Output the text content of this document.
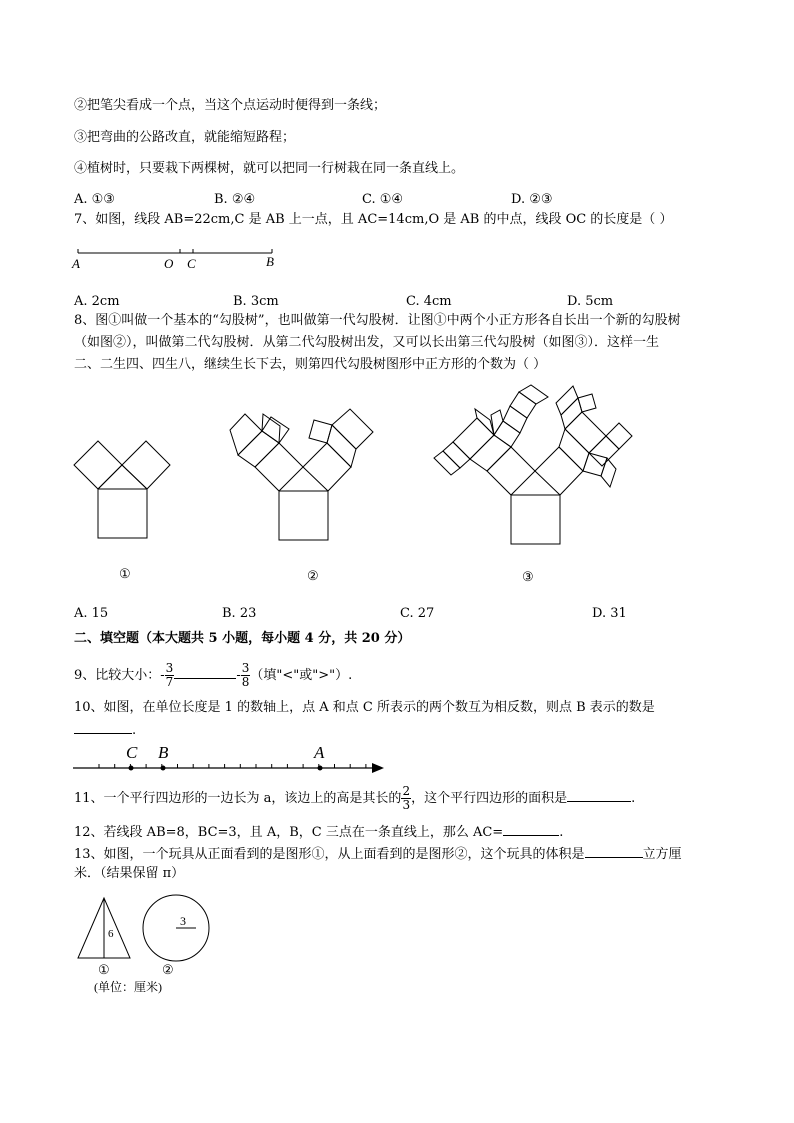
②把笔尖看成一个点，当这个点运动时便得到一条线；
③把弯曲的公路改直，就能缩短路程；
④植树时，只要栽下两棵树，就可以把同一行树栽在同一条直线上。
A. ①③	B. ②④	C. ①④	D. ②③
7、如图，线段 AB=22cm,C 是 AB 上一点，且 AC=14cm,O 是 AB 的中点，线段 OC 的长度是（ ）
A	O C	B
A. 2cm	B. 3cm	C. 4cm	D. 5cm
8、图①叫做一个基本的“勾股树”，也叫做第一代勾股树．让图①中两个小正方形各自长出一个新的勾股树
（如图②），叫做第二代勾股树．从第二代勾股树出发，又可以长出第三代勾股树（如图③）．这样一生
二、二生四、四生八，继续生长下去，则第四代勾股树图形中正方形的个数为（ ）
①	②	③
A. 15	B. 23	C. 27	D. 31
二、填空题（本大题共 5 小题，每小题 4 分，共 20 分）
9、比较大小：- $\frac{3}{7}$	- $\frac{3}{8}$ （填"<"或">"）.
10、如图，在单位长度是 1 的数轴上，点 A 和点 C 所表示的两个数互为相反数，则点 B 表示的数是
.
C B	A
11、一个平行四边形的一边长为 a，该边上的高是其长的 $\frac{2}{3}$ ，这个平行四边形的面积是	.
12、若线段 AB=8，BC=3，且 A，B，C 三点在一条直线上，那么 AC=	.
13、如图，一个玩具从正面看到的是图形①，从上面看到的是图形②，这个玩具的体积是	立方厘
米．（结果保留 π）
6
3
①	②
(单位：厘米)
